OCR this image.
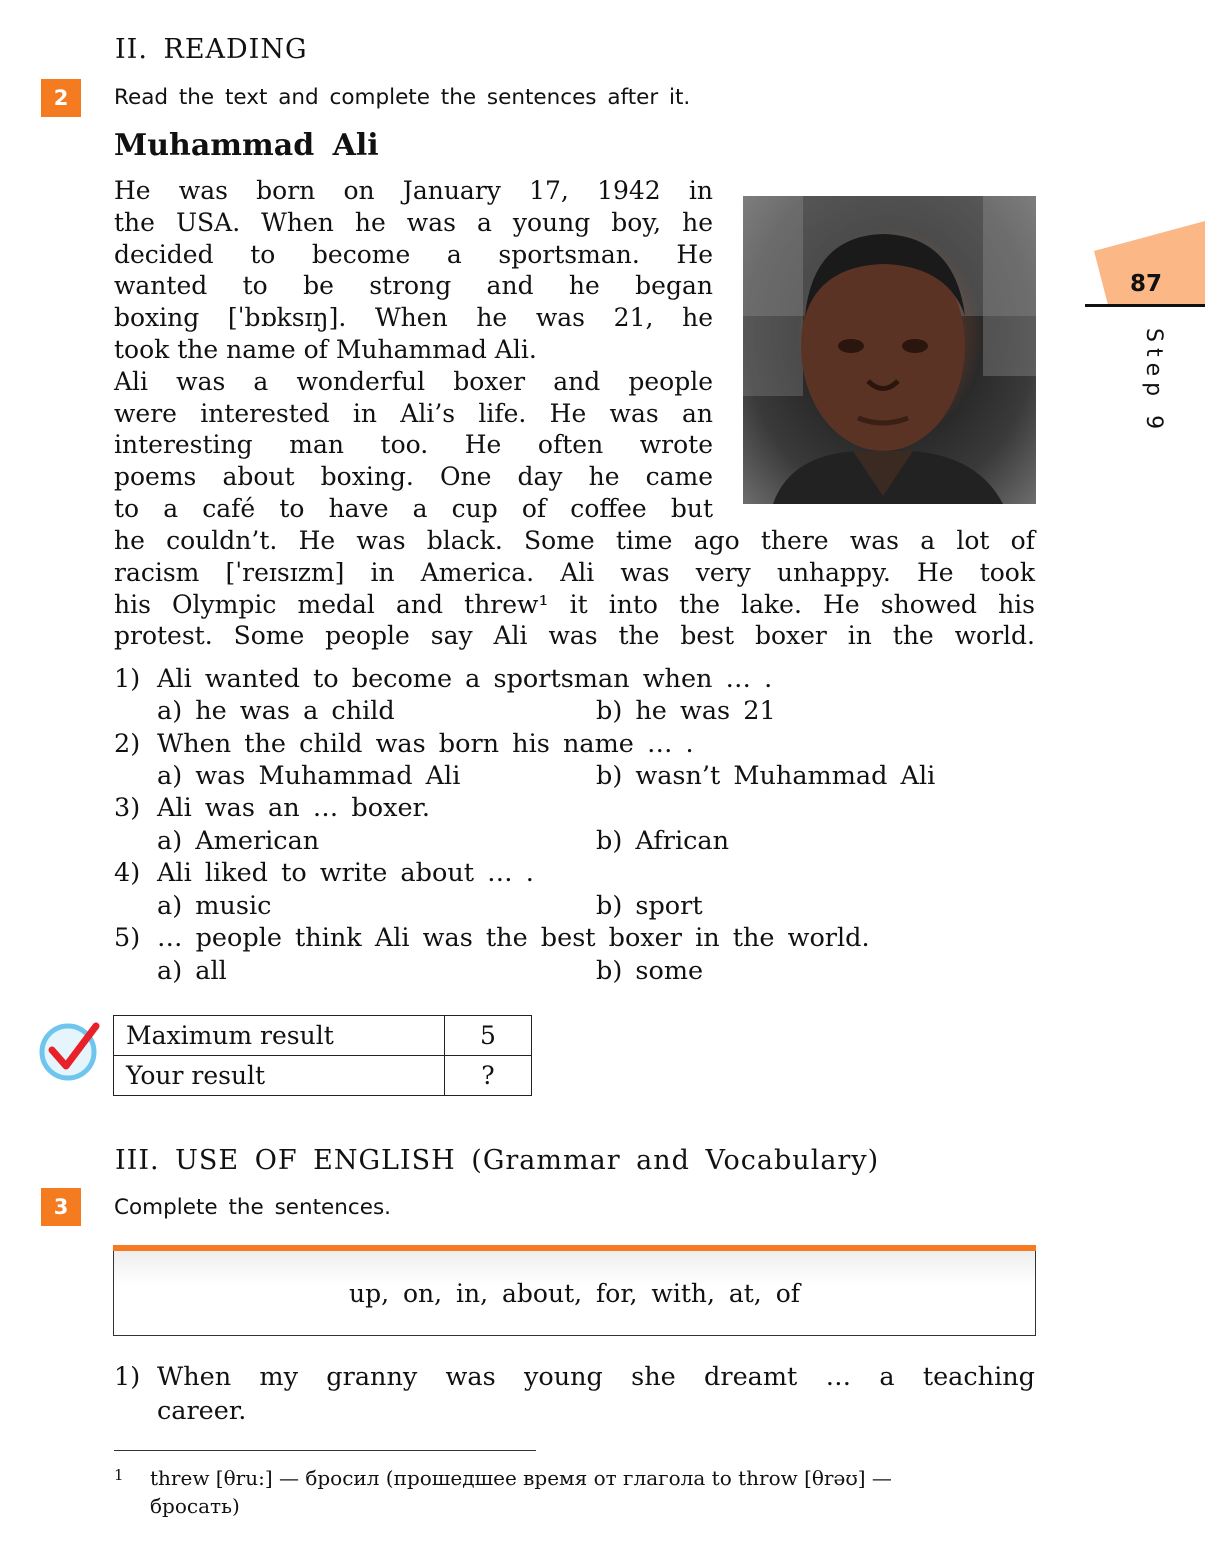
II. READING
2	Read the text and complete the sentences after it.
Muhammad Ali

He was born on January 17, 1942 in

the USA. When he was a young boy, he

decided to become a sportsman. He

wanted to be strong and he began

boxing [ˈbɒksɪŋ]. When he was 21, he

took the name of Muhammad Ali.

Ali was a wonderful boxer and people

were interested in Ali’s life. He was an

interesting man too. He often wrote

poems about boxing. One day he came

to a café to have a cup of coffee but

he couldn’t. He was black. Some time ago there was a lot of

racism [ˈreɪsɪzm] in America. Ali was very unhappy. He took

his Olympic medal and threw¹ it into the lake. He showed his

protest. Some people say Ali was the best boxer in the world.

1) Ali wanted to become a sportsman when … .
a) he was a child	b) he was 21
2) When the child was born his name … .
a) was Muhammad Ali	b) wasn’t Muhammad Ali
3) Ali was an … boxer.
a) American	b) African
4) Ali liked to write about … .
a) music	b) sport
5) … people think Ali was the best boxer in the world.
a) all	b) some
Maximum result	5
Your result	?
III. USE OF ENGLISH (Grammar and Vocabulary)
3	Complete the sentences.
up, on, in, about, for, with, at, of
1) When my granny was young she dreamt … a teaching
career.
1 threw [θru:] — бросил (прошедшее время от глагола to throw [θrəʊ] —
бросать)
87
Step 9
